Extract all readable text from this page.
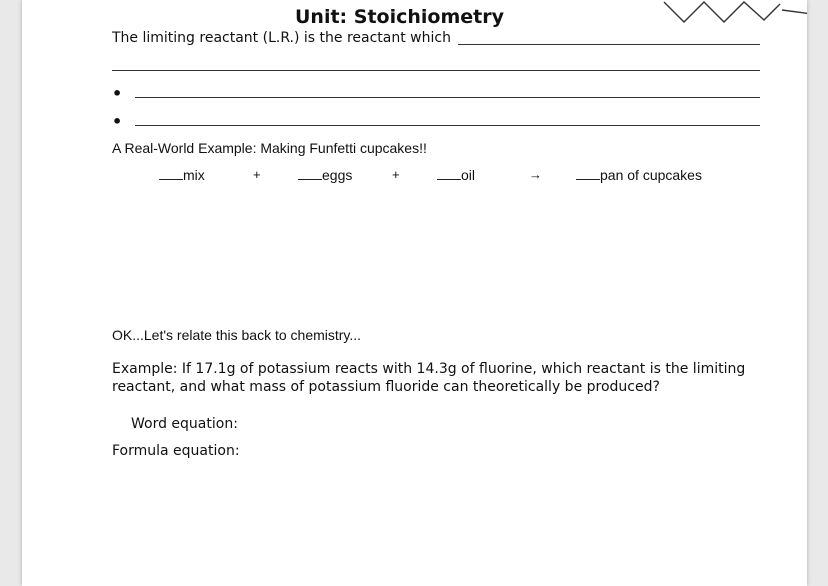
Unit: Stoichiometry
The limiting reactant (L.R.) is the reactant which
•
•
A Real-World Example: Making Funfetti cupcakes!!
mix	+	eggs	+	oil	→	pan of cupcakes
OK...Let's relate this back to chemistry...
Example: If 17.1g of potassium reacts with 14.3g of fluorine, which reactant is the limiting reactant, and what mass of potassium fluoride can theoretically be produced?
Word equation:
Formula equation:
